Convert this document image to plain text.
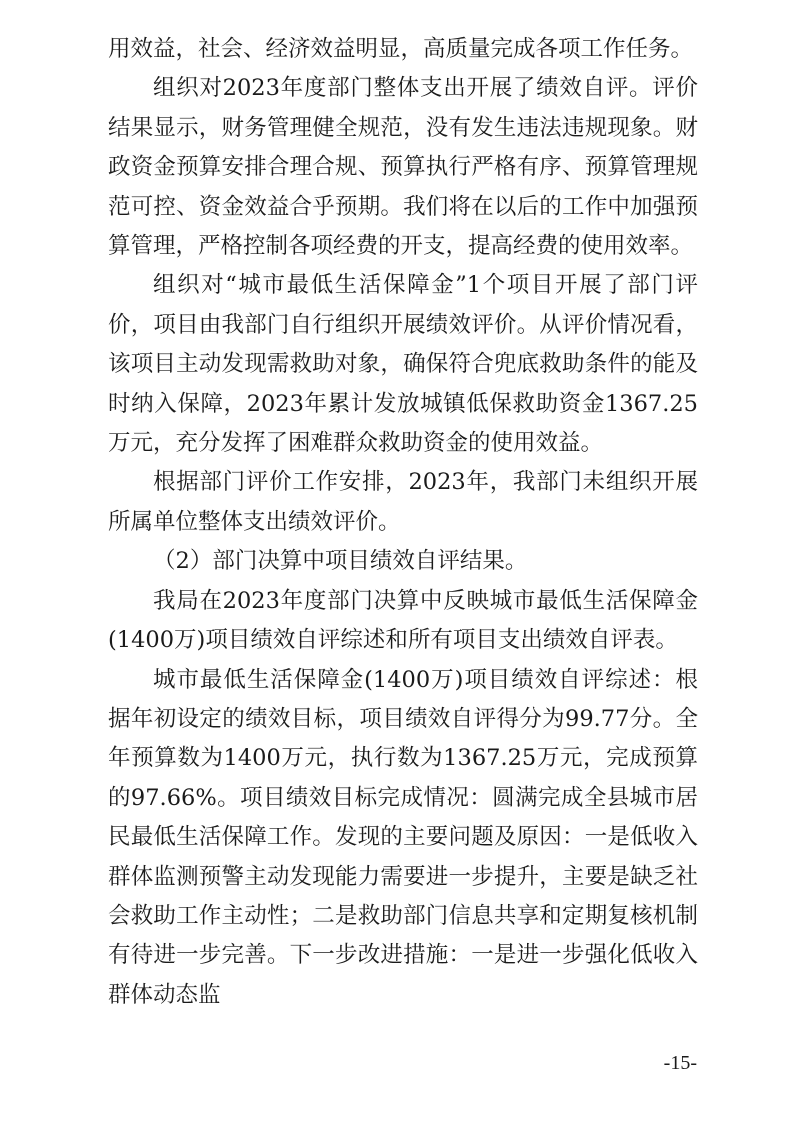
用效益，社会、经济效益明显，高质量完成各项工作任务。

组织对2023年度部门整体支出开展了绩效自评。评价结果显示，财务管理健全规范，没有发生违法违规现象。财政资金预算安排合理合规、预算执行严格有序、预算管理规范可控、资金效益合乎预期。我们将在以后的工作中加强预算管理，严格控制各项经费的开支，提高经费的使用效率。

组织对“城市最低生活保障金”1个项目开展了部门评价，项目由我部门自行组织开展绩效评价。从评价情况看，该项目主动发现需救助对象，确保符合兜底救助条件的能及时纳入保障，2023年累计发放城镇低保救助资金1367.25万元，充分发挥了困难群众救助资金的使用效益。

根据部门评价工作安排，2023年，我部门未组织开展所属单位整体支出绩效评价。

（2）部门决算中项目绩效自评结果。

我局在2023年度部门决算中反映城市最低生活保障金(1400万)项目绩效自评综述和所有项目支出绩效自评表。

城市最低生活保障金(1400万)项目绩效自评综述：根据年初设定的绩效目标，项目绩效自评得分为99.77分。全年预算数为1400万元，执行数为1367.25万元，完成预算的97.66%。项目绩效目标完成情况：圆满完成全县城市居民最低生活保障工作。发现的主要问题及原因：一是低收入群体监测预警主动发现能力需要进一步提升，主要是缺乏社会救助工作主动性；二是救助部门信息共享和定期复核机制有待进一步完善。下一步改进措施：一是进一步强化低收入群体动态监

-15-
